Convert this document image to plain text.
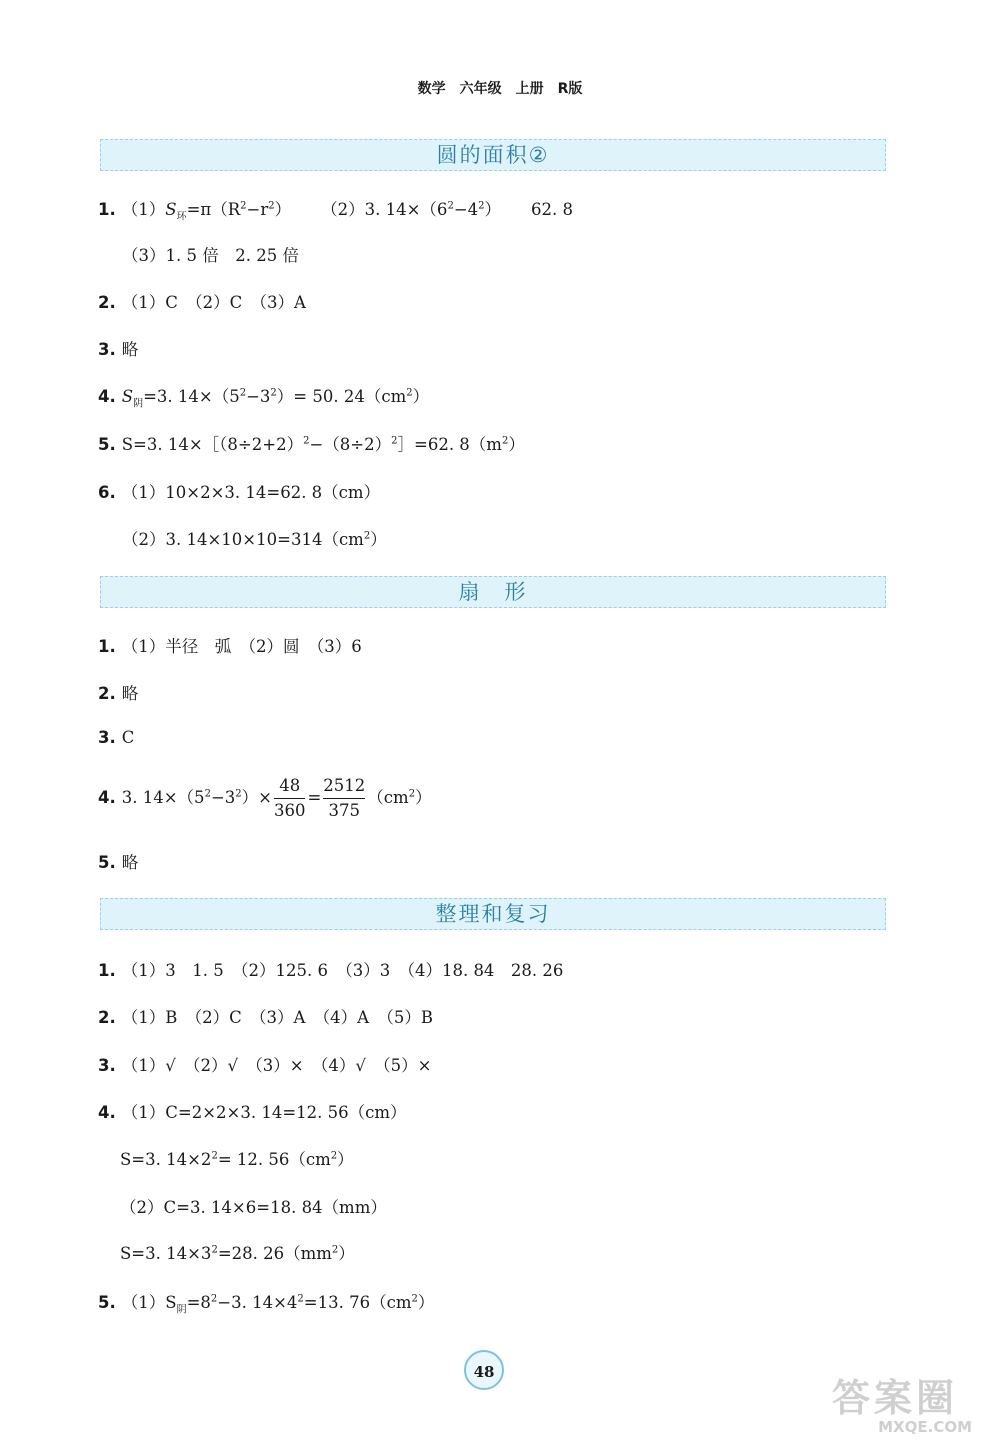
数学　六年级　上册　R版
圆的面积②
1. $(1)S_环=\pi(R^2-r^2)$ （2）3. $14\times(6^2-4^2)$ 62. 8
（3）1. 5 倍　2. 25 倍
2. （1）C　（2）C　（3）A
3. 略
4. $S_阴=3$. $14\times(5^2-3^2)= 50$. $24(cm^2)$
5. S=3. $14\times[(8\div 2+2)^2-(8\div 2)^2]=62$. $8(m^2)$
6. （1）10×2×3. 14=62. 8（cm）
（2）3. $14\times 10\times 10=314(cm^2)$
扇　形
1. （1）半径　弧　（2）圆　（3）6
2. 略
3. C
4. 3. $14\times(5^2-3^2)\times \frac{48}{360} = \frac{2512}{375} (cm^2)$
5. 略
整理和复习
1. （1）3　1. 5　（2）125. 6　（3）3　（4）18. 84　28. 26
2. （1）B　（2）C　（3）A　（4）A　（5）B
3. （1）√　（2）√　（3）×　（4）√　（5）×
4. （1）C=2×2×3. 14=12. 56（cm）
S=3. $14\times 2^2= 12$. $56(cm^2)$
（2）C=3. 14×6=18. 84（mm）
S=3. $14\times 3^2=28$. $26(mm^2)$
5. $(1)S_阴=8^2-3$. $14\times 4^2=13$. $76(cm^2)$
48
答案圈
MXQE.COM
